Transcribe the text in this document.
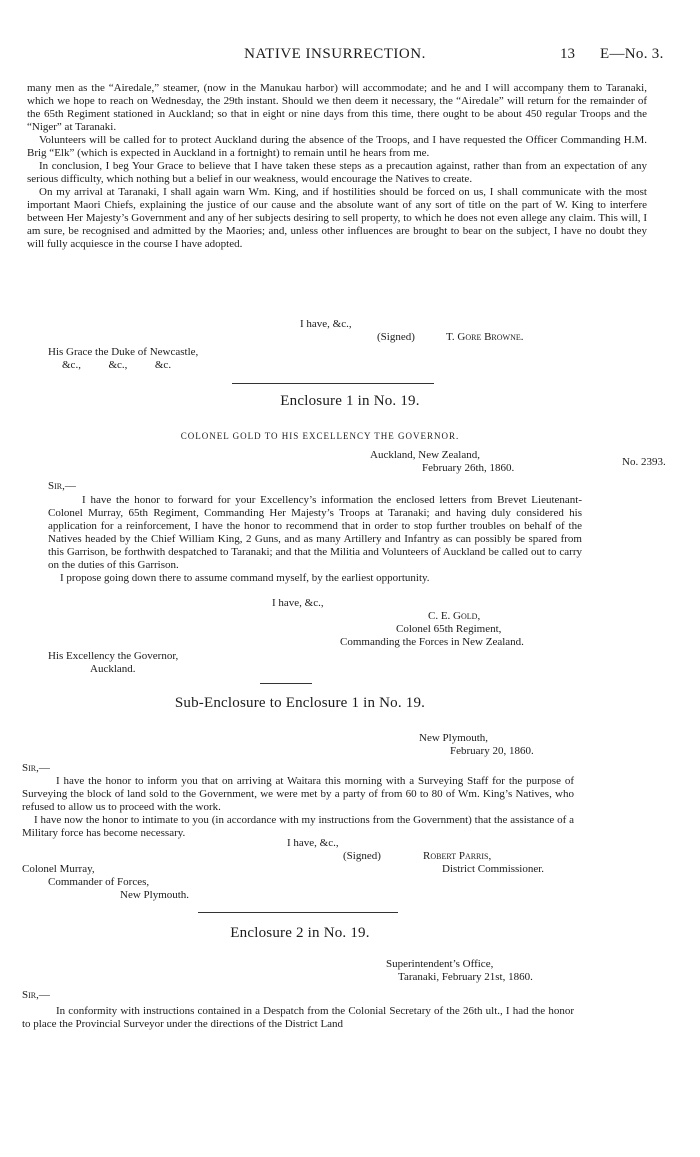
NATIVE INSURRECTION.	13 E—No. 3.

many men as the “Airedale,” steamer, (now in the Manukau harbor) will accommodate; and he and I will accompany them to Taranaki, which we hope to reach on Wednesday, the 29th instant. Should we then deem it necessary, the “Airedale” will return for the remainder of the 65th Regiment stationed in Auckland; so that in eight or nine days from this time, there ought to be about 450 regular Troops and the “Niger” at Taranaki.

Volunteers will be called for to protect Auckland during the absence of the Troops, and I have requested the Officer Commanding H.M. Brig “Elk” (which is expected in Auckland in a fortnight) to remain until he hears from me.

In conclusion, I beg Your Grace to believe that I have taken these steps as a precaution against, rather than from an expectation of any serious difficulty, which nothing but a belief in our weakness, would encourage the Natives to create.

On my arrival at Taranaki, I shall again warn Wm. King, and if hostilities should be forced on us, I shall communicate with the most important Maori Chiefs, explaining the justice of our cause and the absolute want of any sort of title on the part of W. King to interfere between Her Majesty’s Government and any of her subjects desiring to sell property, to which he does not even allege any claim. This will, I am sure, be recognised and admitted by the Maories; and, unless other influences are brought to bear on the subject, I have no doubt they will fully acquiesce in the course I have adopted.

I have, &c.,
(Signed)	T. Gore Browne.
His Grace the Duke of Newcastle,
&c.,          &c.,          &c.
Enclosure 1 in No. 19.
COLONEL GOLD TO HIS EXCELLENCY THE GOVERNOR.
Auckland, New Zealand,
February 26th, 1860.	No. 2393.
Sir,—

I have the honor to forward for your Excellency’s information the enclosed letters from Brevet Lieutenant-Colonel Murray, 65th Regiment, Commanding Her Majesty’s Troops at Taranaki; and having duly considered his application for a reinforcement, I have the honor to recommend that in order to stop further troubles on behalf of the Natives headed by the Chief William King, 2 Guns, and as many Artillery and Infantry as can possibly be spared from this Garrison, be forthwith despatched to Taranaki; and that the Militia and Volunteers of Auckland be called out to carry on the duties of this Garrison.

I propose going down there to assume command myself, by the earliest opportunity.

I have, &c.,
C. E. Gold,
Colonel 65th Regiment,
Commanding the Forces in New Zealand.
His Excellency the Governor,
Auckland.
Sub-Enclosure to Enclosure 1 in No. 19.
New Plymouth,
February 20, 1860.
Sir,—

I have the honor to inform you that on arriving at Waitara this morning with a Surveying Staff for the purpose of Surveying the block of land sold to the Government, we were met by a party of from 60 to 80 of Wm. King’s Natives, who refused to allow us to proceed with the work.

I have now the honor to intimate to you (in accordance with my instructions from the Government) that the assistance of a Military force has become necessary.

I have, &c.,
(Signed)	Robert Parris,
District Commissioner.
Colonel Murray,
Commander of Forces,
New Plymouth.
Enclosure 2 in No. 19.
Superintendent’s Office,
Taranaki, February 21st, 1860.
Sir,—

In conformity with instructions contained in a Despatch from the Colonial Secretary of the 26th ult., I had the honor to place the Provincial Surveyor under the directions of the District Land
